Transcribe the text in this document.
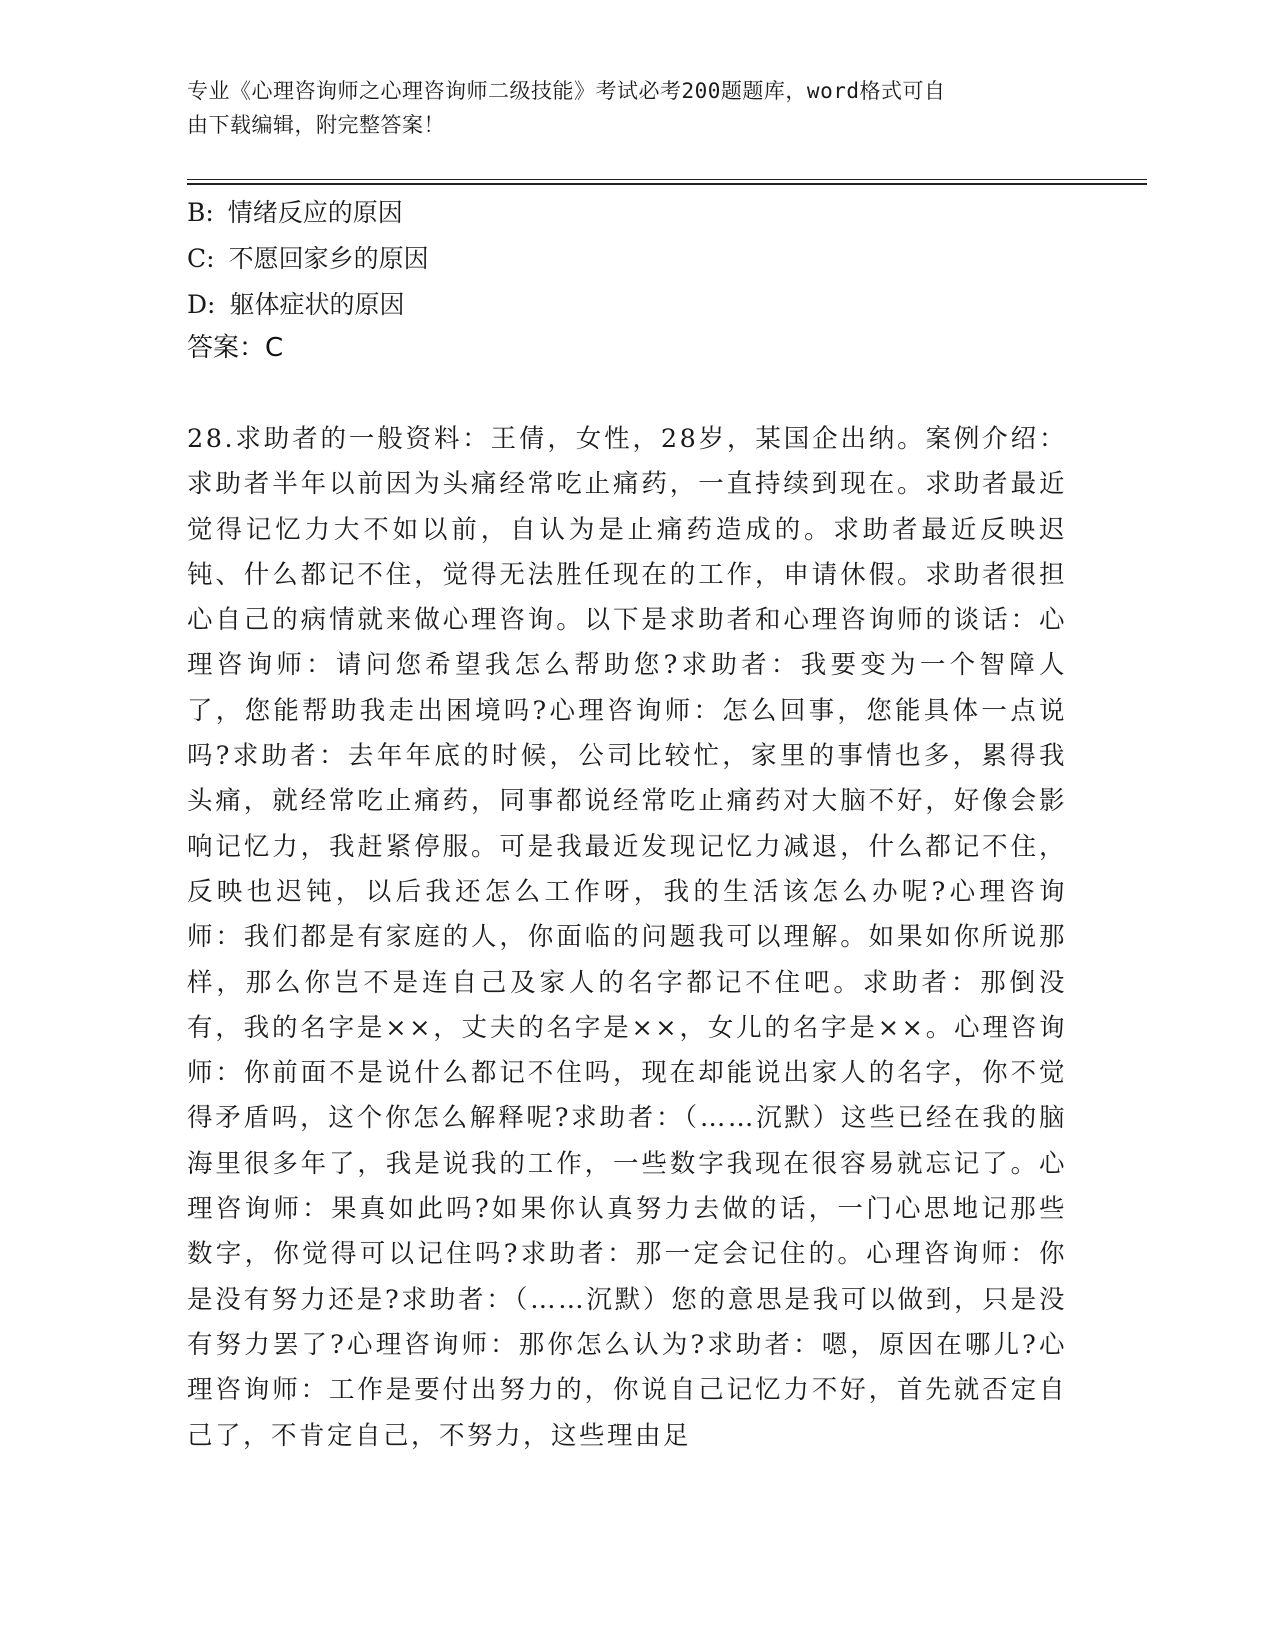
专业《心理咨询师之心理咨询师二级技能》考试必考200题题库，word格式可自
由下载编辑，附完整答案！
B: 情绪反应的原因
C: 不愿回家乡的原因
D: 躯体症状的原因
答案：C
28.求助者的一般资料：王倩，女性，28岁，某国企出纳。案例介绍：求助者半年以前因为头痛经常吃止痛药，一直持续到现在。求助者最近觉得记忆力大不如以前，自认为是止痛药造成的。求助者最近反映迟钝、什么都记不住，觉得无法胜任现在的工作，申请休假。求助者很担心自己的病情就来做心理咨询。以下是求助者和心理咨询师的谈话：心理咨询师：请问您希望我怎么帮助您?求助者：我要变为一个智障人了，您能帮助我走出困境吗?心理咨询师：怎么回事，您能具体一点说吗?求助者：去年年底的时候，公司比较忙，家里的事情也多，累得我头痛，就经常吃止痛药，同事都说经常吃止痛药对大脑不好，好像会影响记忆力，我赶紧停服。可是我最近发现记忆力减退，什么都记不住，反映也迟钝，以后我还怎么工作呀，我的生活该怎么办呢?心理咨询师：我们都是有家庭的人，你面临的问题我可以理解。如果如你所说那样，那么你岂不是连自己及家人的名字都记不住吧。求助者：那倒没有，我的名字是××，丈夫的名字是××，女儿的名字是××。心理咨询师：你前面不是说什么都记不住吗，现在却能说出家人的名字，你不觉得矛盾吗，这个你怎么解释呢?求助者：（……沉默）这些已经在我的脑海里很多年了，我是说我的工作，一些数字我现在很容易就忘记了。心理咨询师：果真如此吗?如果你认真努力去做的话，一门心思地记那些数字，你觉得可以记住吗?求助者：那一定会记住的。心理咨询师：你是没有努力还是?求助者：（……沉默）您的意思是我可以做到，只是没有努力罢了?心理咨询师：那你怎么认为?求助者：嗯，原因在哪儿?心理咨询师：工作是要付出努力的，你说自己记忆力不好，首先就否定自己了，不肯定自己，不努力，这些理由足
